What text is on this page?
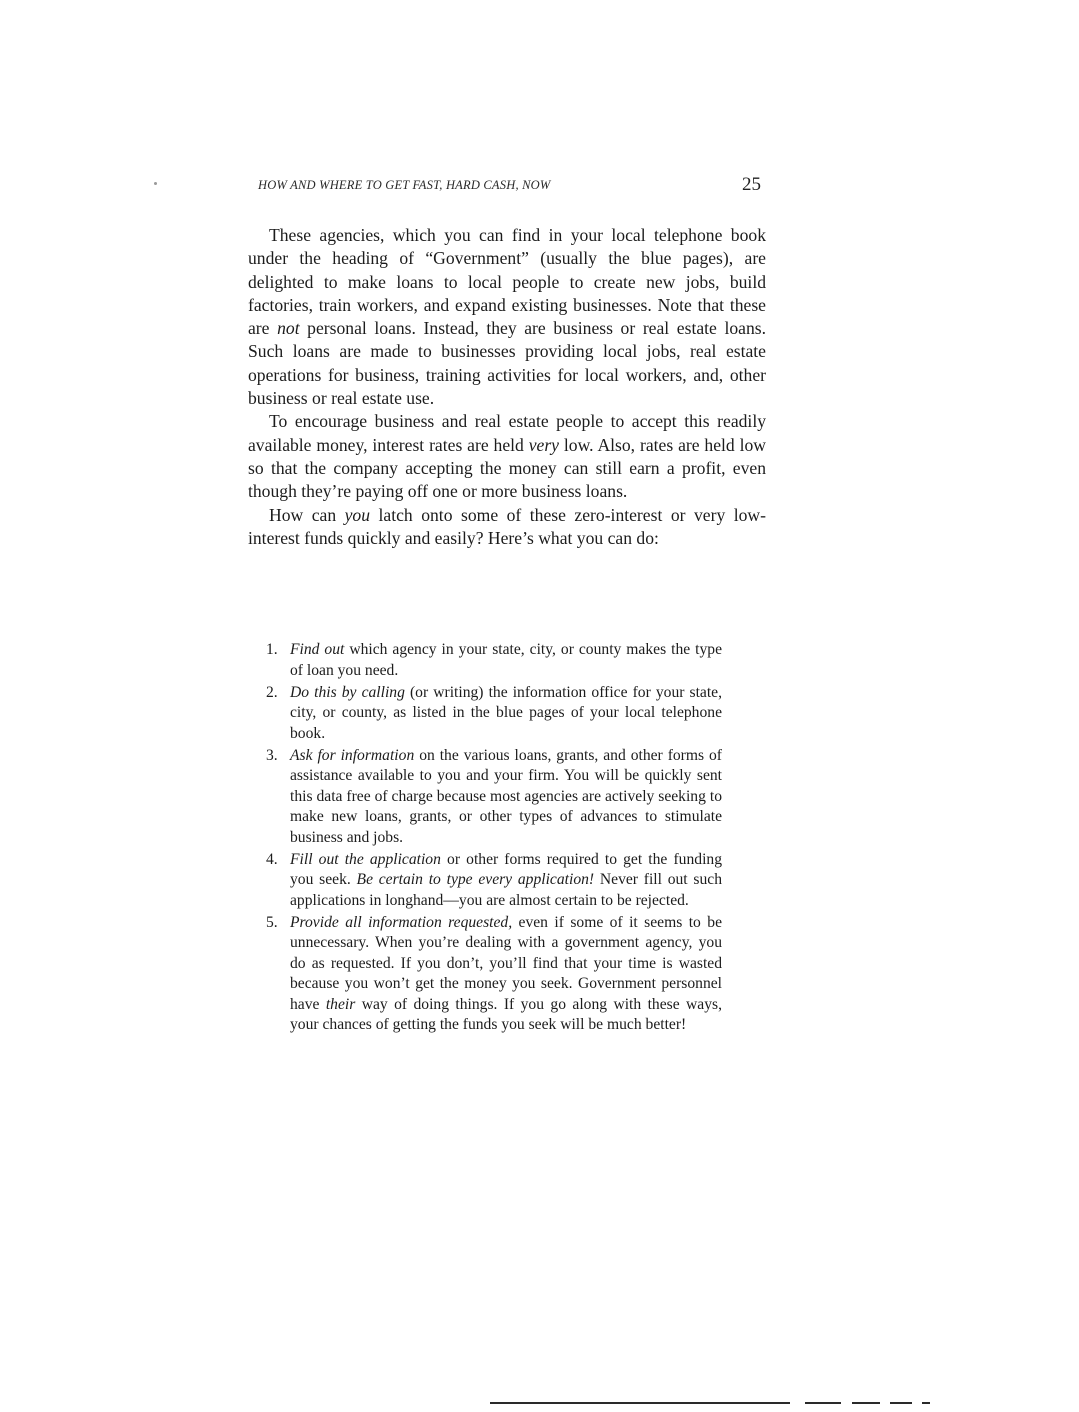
HOW AND WHERE TO GET FAST, HARD CASH, NOW	25

These agencies, which you can find in your local telephone book under the heading of “Government” (usually the blue pages), are delighted to make loans to local people to create new jobs, build factories, train workers, and expand existing businesses. Note that these are not personal loans. Instead, they are business or real estate loans. Such loans are made to businesses providing local jobs, real estate operations for business, training activities for local workers, and, other business or real estate use.

To encourage business and real estate people to accept this readily available money, interest rates are held very low. Also, rates are held low so that the company accepting the money can still earn a profit, even though they’re paying off one or more business loans.

How can you latch onto some of these zero-interest or very low-interest funds quickly and easily? Here’s what you can do:

1. Find out which agency in your state, city, or county makes the type of loan you need.
2. Do this by calling (or writing) the information office for your state, city, or county, as listed in the blue pages of your local telephone book.
3. Ask for information on the various loans, grants, and other forms of assistance available to you and your firm. You will be quickly sent this data free of charge because most agencies are actively seeking to make new loans, grants, or other types of advances to stimulate business and jobs.
4. Fill out the application or other forms required to get the funding you seek. Be certain to type every application! Never fill out such applications in longhand—you are almost certain to be rejected.
5. Provide all information requested, even if some of it seems to be unnecessary. When you’re dealing with a government agency, you do as requested. If you don’t, you’ll find that your time is wasted because you won’t get the money you seek. Government personnel have their way of doing things. If you go along with these ways, your chances of getting the funds you seek will be much better!
